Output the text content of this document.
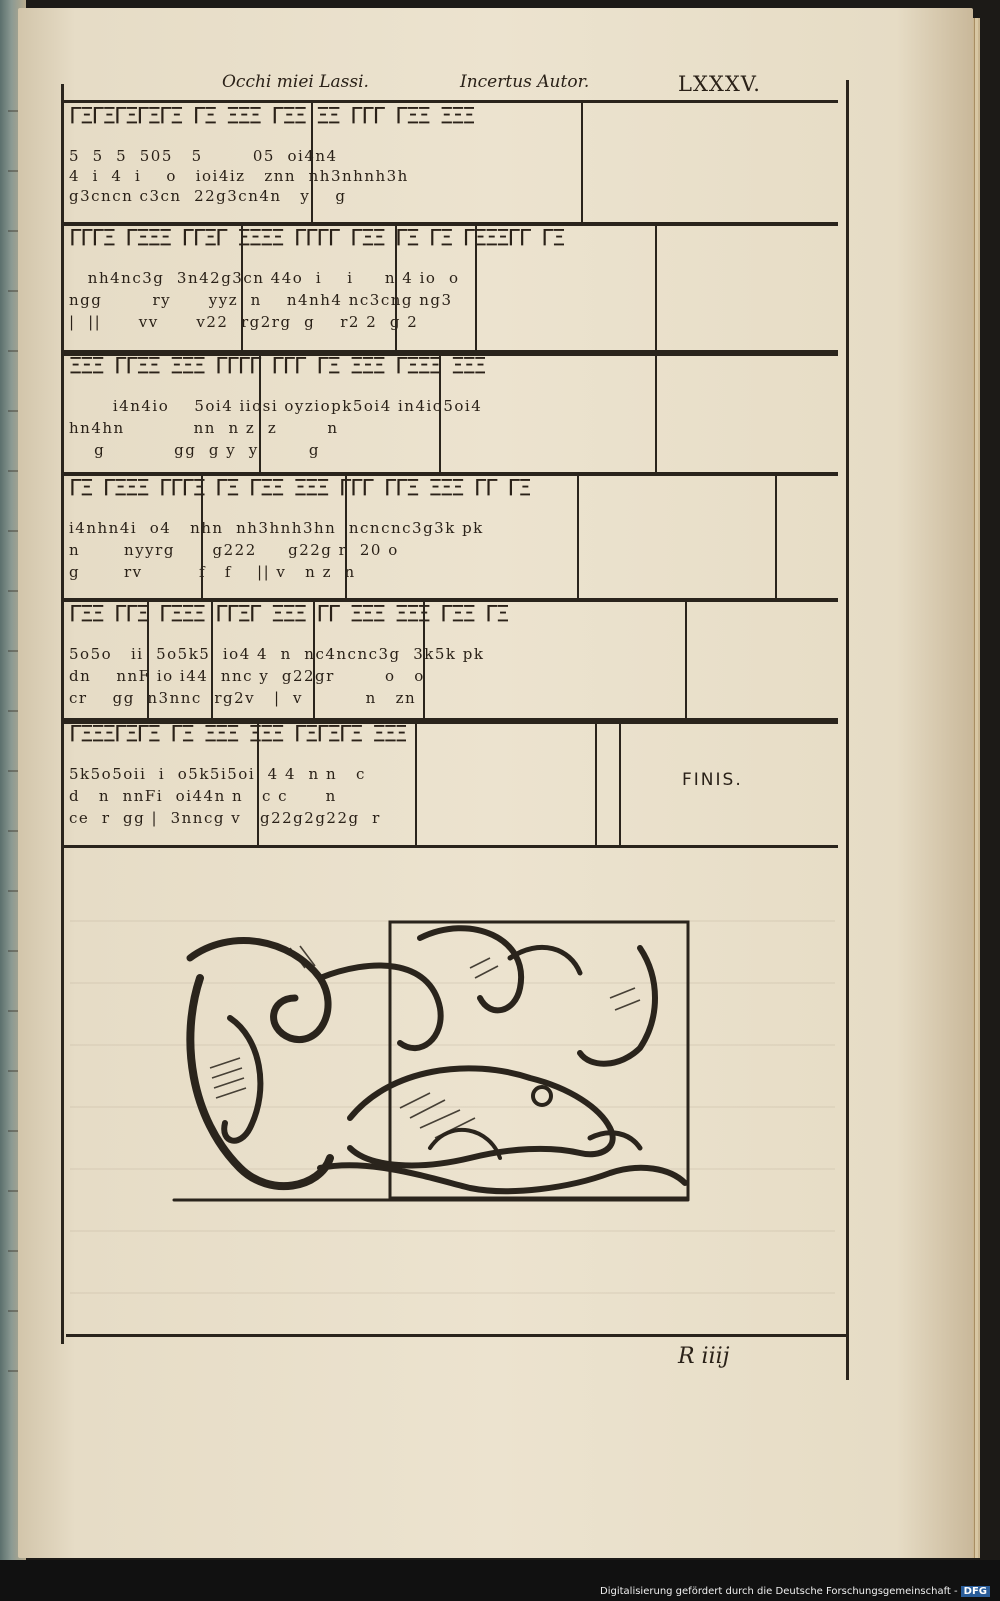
Occhi miei Lassi.	Incertus Autor.	LXXXV.
ΓΞΓΞΓΞΓΞΓΞ ΓΞ ΞΞΞ ΓΞΞ ΞΞ ΓΓΓ ΓΞΞ ΞΞΞ
5  5  5  505   5        05  oi4n4
4  i  4  i    o   ioi4iz   znn  nh3nhnh3h
g3cncn c3cn  22g3cn4n   y    g
ΓΓΓΞ ΓΞΞΞ ΓΓΞΓ ΞΞΞΞ ΓΓΓΓ ΓΞΞ ΓΞ ΓΞ ΓΞΞΞΓΓ ΓΞ
nh4nc3g  3n42g3cn 44o  i    i     n 4 io  o
ngg        ry      yyz  n    n4nh4 nc3cng ng3
|  ||      vv      v22  rg2rg  g    r2 2  g 2
ΞΞΞ ΓΓΞΞ ΞΞΞ ΓΓΓΓ ΓΓΓ ΓΞ ΞΞΞ ΓΞΞΞ ΞΞΞ
i4n4io    5oi4 iiosi oyziopk5oi4 in4io5oi4
hn4hn           nn  n z  z        n
g           gg  g y  y        g
ΓΞ ΓΞΞΞ ΓΓΓΞ ΓΞ ΓΞΞ ΞΞΞ ΓΓΓ ΓΓΞ ΞΞΞ ΓΓ ΓΞ
i4nhn4i  o4   nhn  nh3hnh3hn  ncncnc3g3k pk
n       nyyrg      g222     g22g r  20 o
g       rv         f   f    || v   n z  n
ΓΞΞ ΓΓΞ ΓΞΞΞ ΓΓΞΓ ΞΞΞ ΓΓ ΞΞΞ ΞΞΞ ΓΞΞ ΓΞ
5o5o   ii  5o5k5  io4 4  n  nc4ncnc3g  3k5k pk
dn    nnF io i44  nnc y  g22gr        o   o
cr    gg  n3nnc  rg2v   |  v          n   zn
ΓΞΞΞΓΞΓΞ ΓΞ ΞΞΞ ΞΞΞ ΓΞΓΞΓΞ ΞΞΞ
5k5o5oii  i  o5k5i5oi  4 4  n n   c
d   n  nnFi  oi44n n   c c      n
ce  r  gg |  3nncg v   g22g2g22g  r
FINIS.
R iiij
Digitalisierung gefördert durch die Deutsche Forschungsgemeinschaft - DFG
